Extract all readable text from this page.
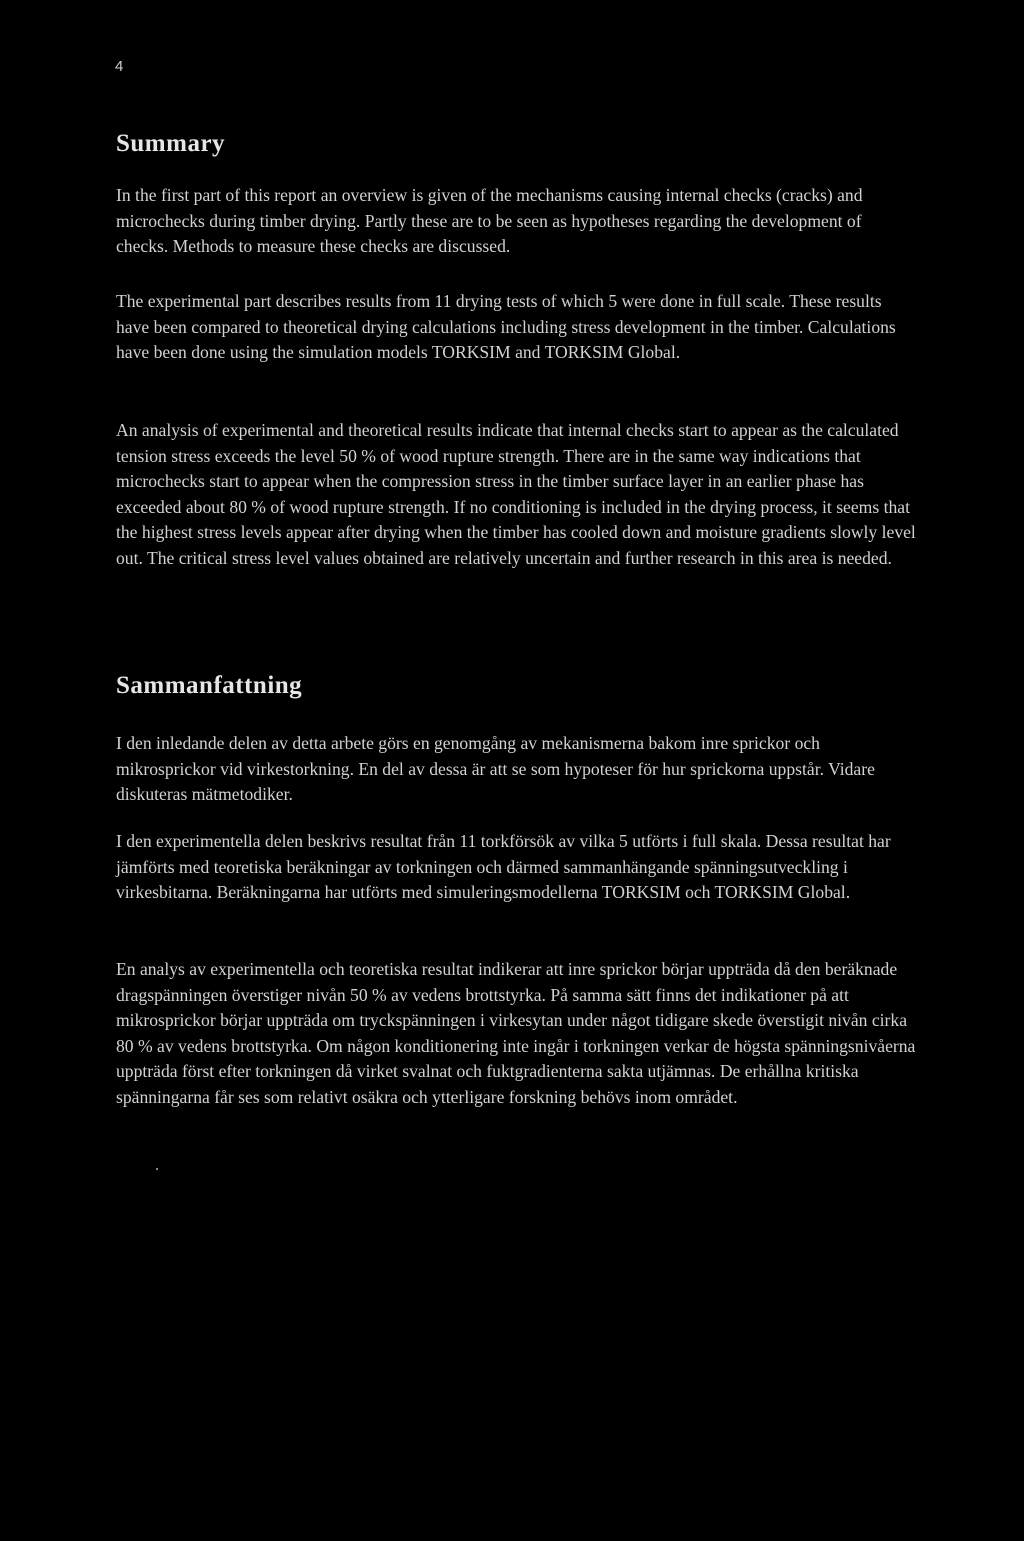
4
Summary

In the first part of this report an overview is given of the mechanisms causing internal checks (cracks) and microchecks during timber drying. Partly these are to be seen as hypotheses regarding the development of checks. Methods to measure these checks are discussed.

The experimental part describes results from 11 drying tests of which 5 were done in full scale. These results have been compared to theoretical drying calculations including stress development in the timber. Calculations have been done using the simulation models TORKSIM and TORKSIM Global.

An analysis of experimental and theoretical results indicate that internal checks start to appear as the calculated tension stress exceeds the level 50 % of wood rupture strength. There are in the same way indications that microchecks start to appear when the compression stress in the timber surface layer in an earlier phase has exceeded about 80 % of wood rupture strength. If no conditioning is included in the drying process, it seems that the highest stress levels appear after drying when the timber has cooled down and moisture gradients slowly level out. The critical stress level values obtained are relatively uncertain and further research in this area is needed.

Sammanfattning

I den inledande delen av detta arbete görs en genomgång av mekanismerna bakom inre sprickor och mikrosprickor vid virkestorkning. En del av dessa är att se som hypoteser för hur sprickorna uppstår. Vidare diskuteras mätmetodiker.

I den experimentella delen beskrivs resultat från 11 torkförsök av vilka 5 utförts i full skala. Dessa resultat har jämförts med teoretiska beräkningar av torkningen och därmed sammanhängande spänningsutveckling i virkesbitarna. Beräkningarna har utförts med simuleringsmodellerna TORKSIM och TORKSIM Global.

En analys av experimentella och teoretiska resultat indikerar att inre sprickor börjar uppträda då den beräknade dragspänningen överstiger nivån 50 % av vedens brottstyrka. På samma sätt finns det indikationer på att mikrosprickor börjar uppträda om tryckspänningen i virkesytan under något tidigare skede överstigit nivån cirka 80 % av vedens brottstyrka. Om någon konditionering inte ingår i torkningen verkar de högsta spänningsnivåerna uppträda först efter torkningen då virket svalnat och fuktgradienterna sakta utjämnas. De erhållna kritiska spänningarna får ses som relativt osäkra och ytterligare forskning behövs inom området.
